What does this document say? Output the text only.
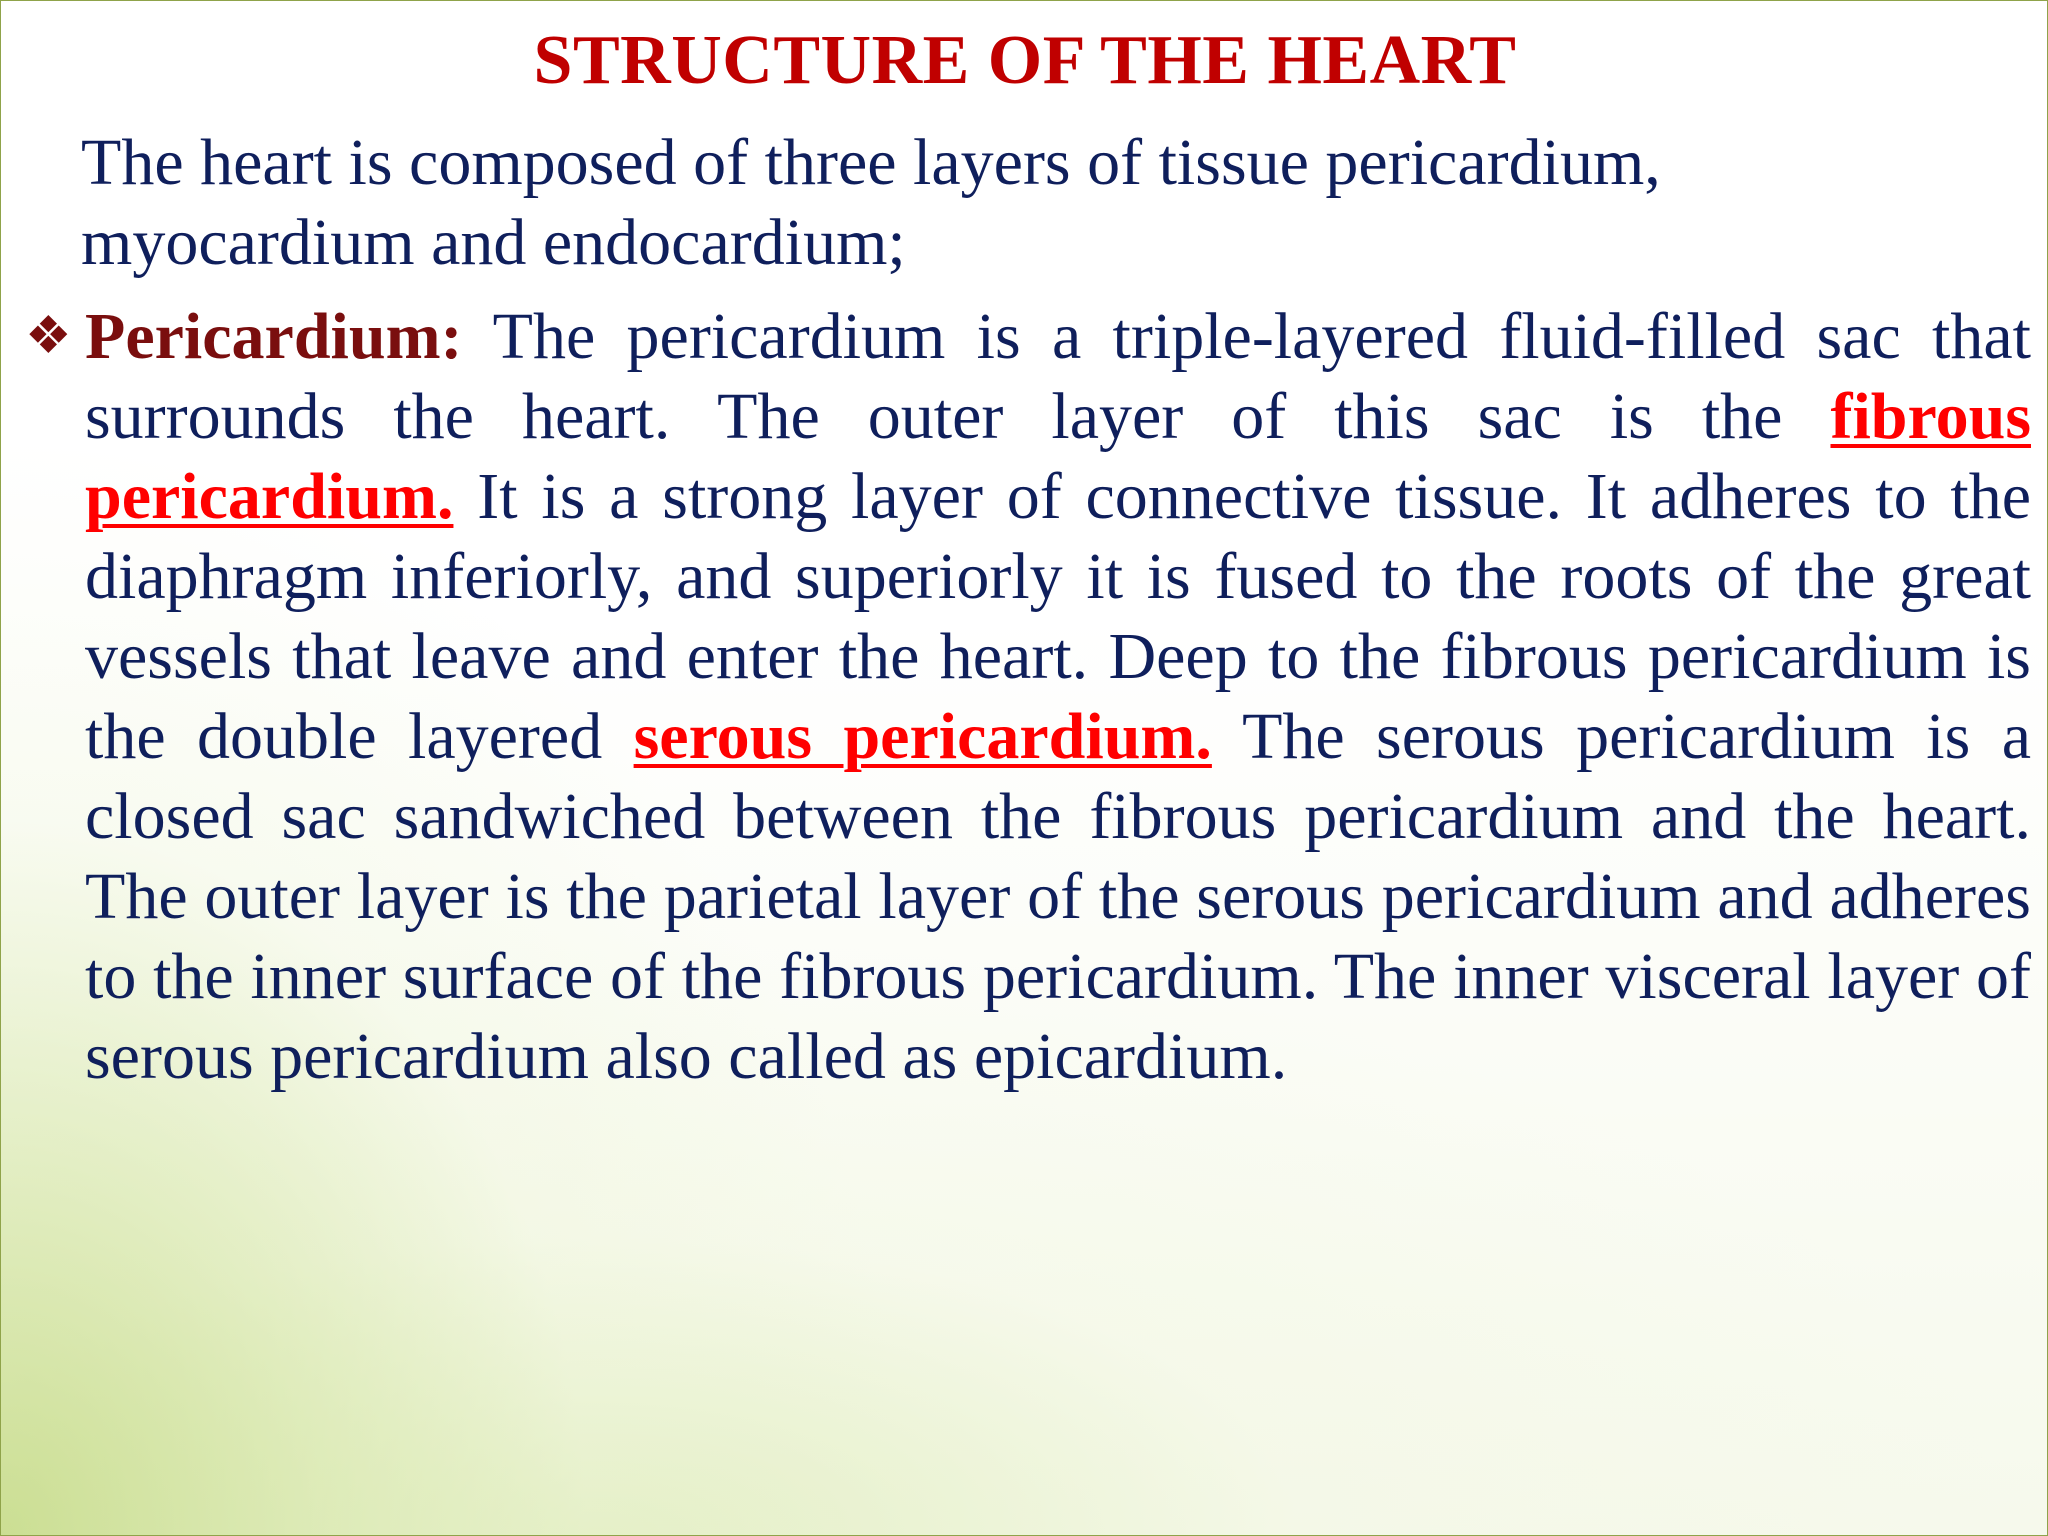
STRUCTURE OF THE HEART
The heart is composed of three layers of tissue pericardium, myocardium and endocardium;
❖ Pericardium: The pericardium is a triple-layered fluid-filled sac that surrounds the heart. The outer layer of this sac is the fibrous pericardium. It is a strong layer of connective tissue. It adheres to the diaphragm inferiorly, and superiorly it is fused to the roots of the great vessels that leave and enter the heart. Deep to the fibrous pericardium is the double layered serous pericardium. The serous pericardium is a closed sac sandwiched between the fibrous pericardium and the heart. The outer layer is the parietal layer of the serous pericardium and adheres to the inner surface of the fibrous pericardium. The inner visceral layer of serous pericardium also called as epicardium.
